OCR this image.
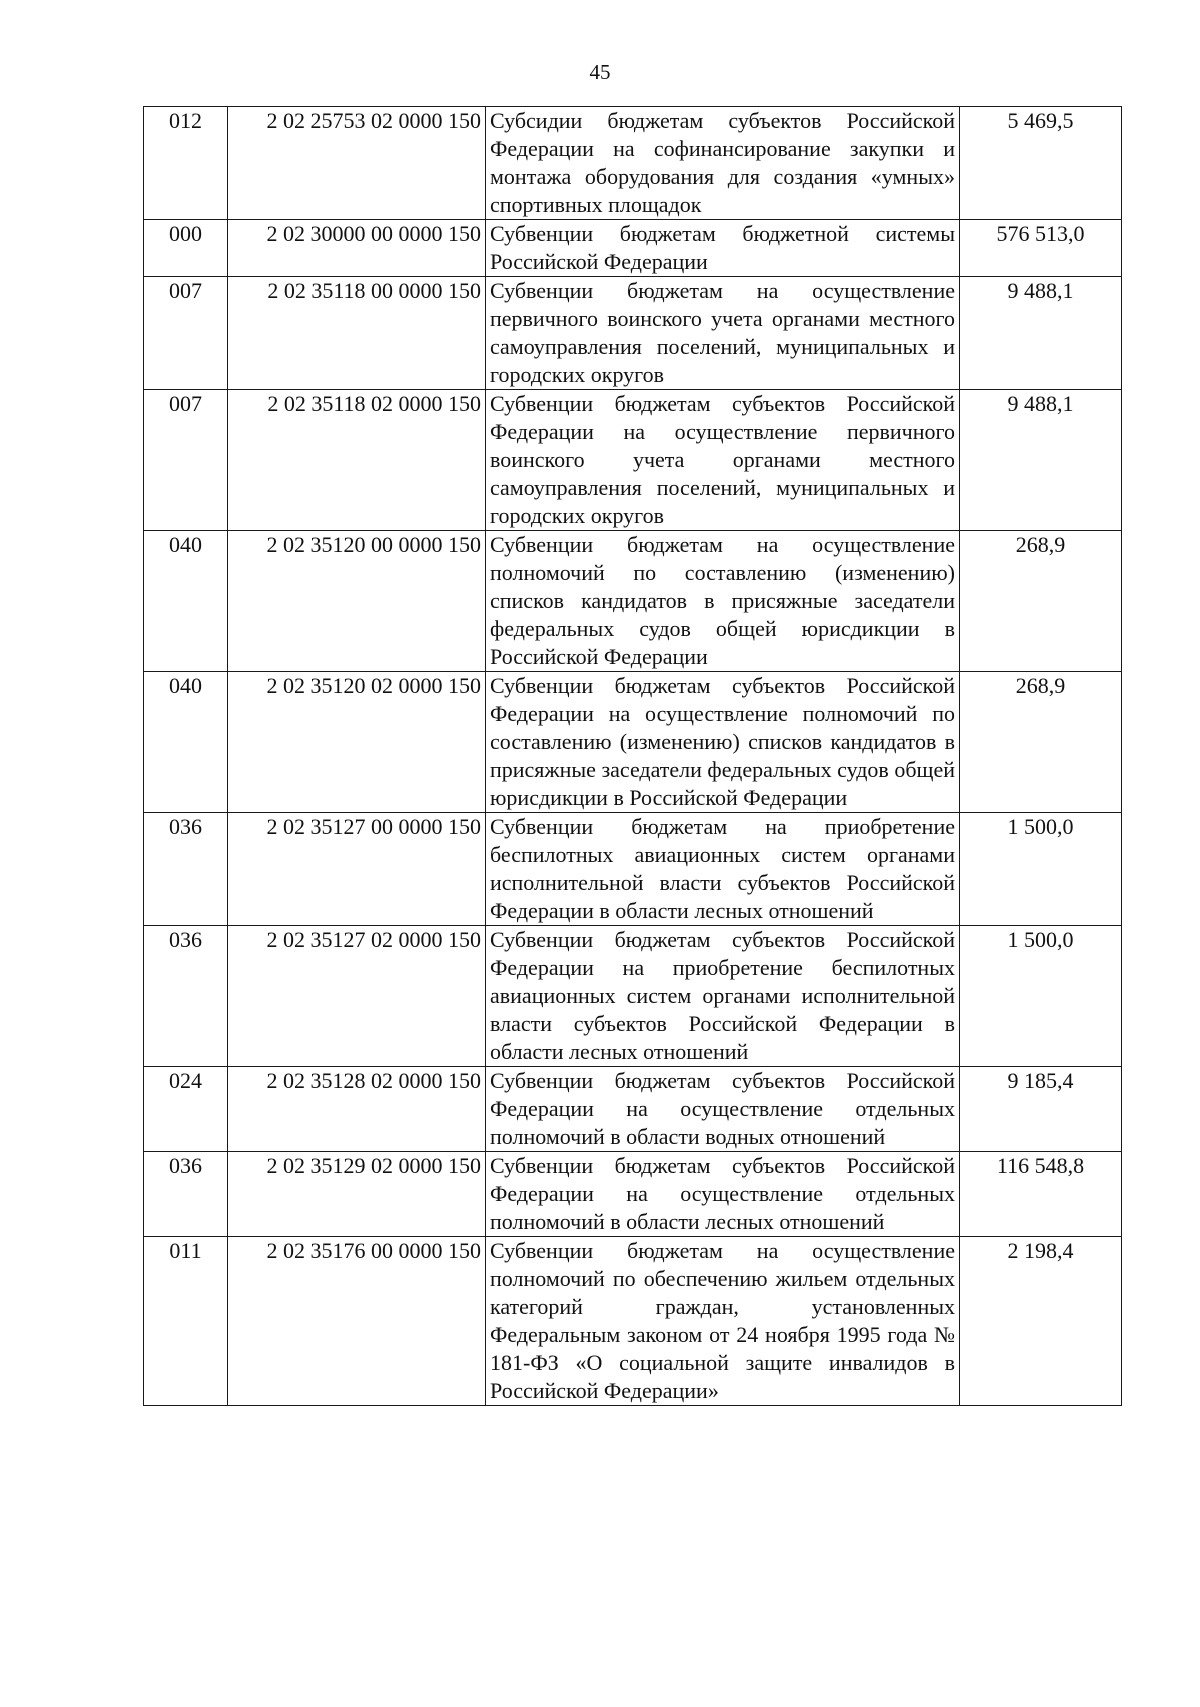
45
012	2 02 25753 02 0000 150	Субсидии бюджетам субъектов Российской Федерации на софинансирование закупки и монтажа оборудования для создания «умных» спортивных площадок	5 469,5
000	2 02 30000 00 0000 150	Субвенции бюджетам бюджетной системы Российской Федерации	576 513,0
007	2 02 35118 00 0000 150	Субвенции бюджетам на осуществление первичного воинского учета органами местного самоуправления поселений, муниципальных и городских округов	9 488,1
007	2 02 35118 02 0000 150	Субвенции бюджетам субъектов Российской Федерации на осуществление первичного воинского учета органами местного самоуправления поселений, муниципальных и городских округов	9 488,1
040	2 02 35120 00 0000 150	Субвенции бюджетам на осуществление полномочий по составлению (изменению) списков кандидатов в присяжные заседатели федеральных судов общей юрисдикции в Российской Федерации	268,9
040	2 02 35120 02 0000 150	Субвенции бюджетам субъектов Российской Федерации на осуществление полномочий по составлению (изменению) списков кандидатов в присяжные заседатели федеральных судов общей юрисдикции в Российской Федерации	268,9
036	2 02 35127 00 0000 150	Субвенции бюджетам на приобретение беспилотных авиационных систем органами исполнительной власти субъектов Российской Федерации в области лесных отношений	1 500,0
036	2 02 35127 02 0000 150	Субвенции бюджетам субъектов Российской Федерации на приобретение беспилотных авиационных систем органами исполнительной власти субъектов Российской Федерации в области лесных отношений	1 500,0
024	2 02 35128 02 0000 150	Субвенции бюджетам субъектов Российской Федерации на осуществление отдельных полномочий в области водных отношений	9 185,4
036	2 02 35129 02 0000 150	Субвенции бюджетам субъектов Российской Федерации на осуществление отдельных полномочий в области лесных отношений	116 548,8
011	2 02 35176 00 0000 150	Субвенции бюджетам на осуществление полномочий по обеспечению жильем отдельных категорий граждан, установленных Федеральным законом от 24 ноября 1995 года № 181-ФЗ «О социальной защите инвалидов в Российской Федерации»	2 198,4
